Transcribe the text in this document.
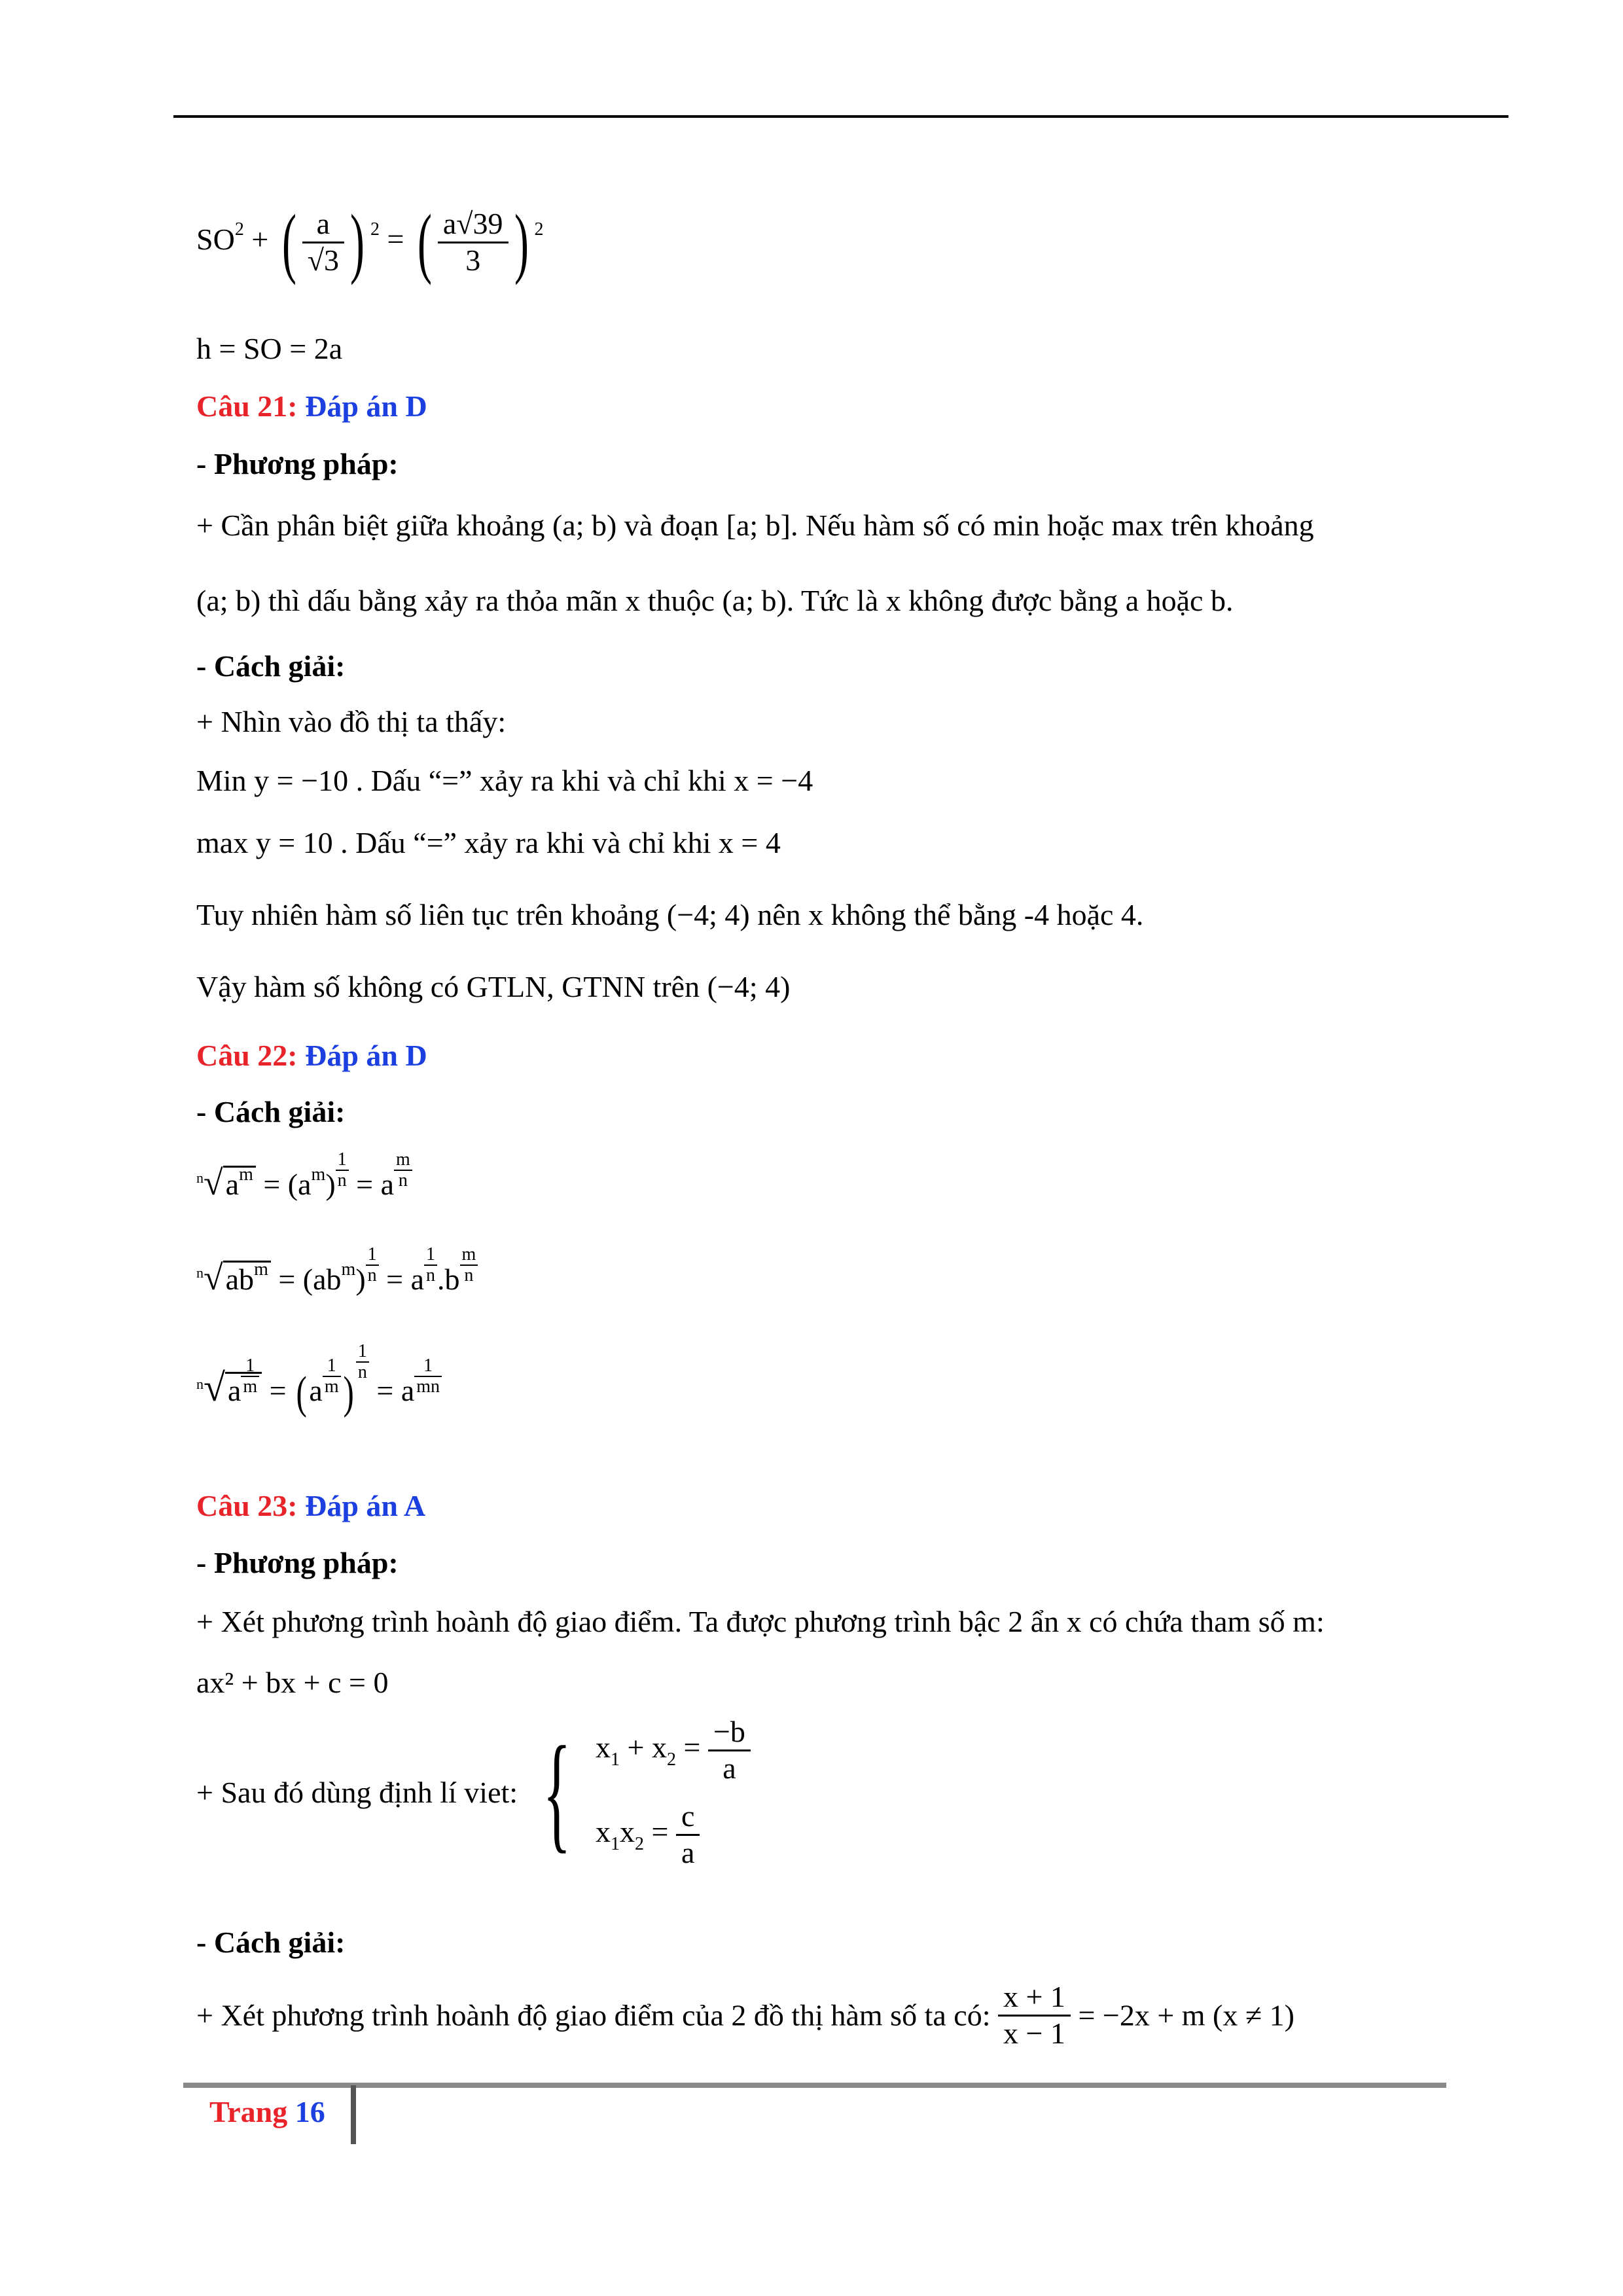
$SO^2$ + ( $\frac{a}{√3}$ ) $^2$ = ( $\frac{a√39}{3}$ ) $^2$
h = SO = 2a
Câu 21: Đáp án D
- Phương pháp:
+ Cần phân biệt giữa khoảng (a; b) và đoạn [a; b]. Nếu hàm số có min hoặc max trên khoảng
(a; b) thì dấu bằng xảy ra thỏa mãn x thuộc (a; b). Tức là x không được bằng a hoặc b.
- Cách giải:
+ Nhìn vào đồ thị ta thấy:
Min y = −10 . Dấu “=” xảy ra khi và chỉ khi x = −4
max y = 10 . Dấu “=” xảy ra khi và chỉ khi x = 4
Tuy nhiên hàm số liên tục trên khoảng (−4; 4) nên x không thể bằng -4 hoặc 4.
Vậy hàm số không có GTLN, GTNN trên (−4; 4)
Câu 22: Đáp án D
- Cách giải:
$^n√a^m = (a^m) \frac{1}{n} = a \frac{m}{n}$
$^n√ab^m = (ab^m) \frac{1}{n} = a \frac{1}{n} .b \frac{m}{n}$
$^n√a \frac{1}{m} = (a \frac{1}{m}$ )
$\frac{1}{n}$
= a $\frac{1}{mn}$
Câu 23: Đáp án A
- Phương pháp:
+ Xét phương trình hoành độ giao điểm. Ta được phương trình bậc 2 ẩn x có chứa tham số m:
ax² + bx + c = 0
+ Sau đó dùng định lí viet: { $x_1 + x_2 = \frac{-b}{a}$
$x_1x_2 = \frac{c}{a}$
- Cách giải:
+ Xét phương trình hoành độ giao điểm của 2 đồ thị hàm số ta có: $\frac{x + 1}{x - 1} = -2x + m$ (x ≠ 1)
Trang 16
